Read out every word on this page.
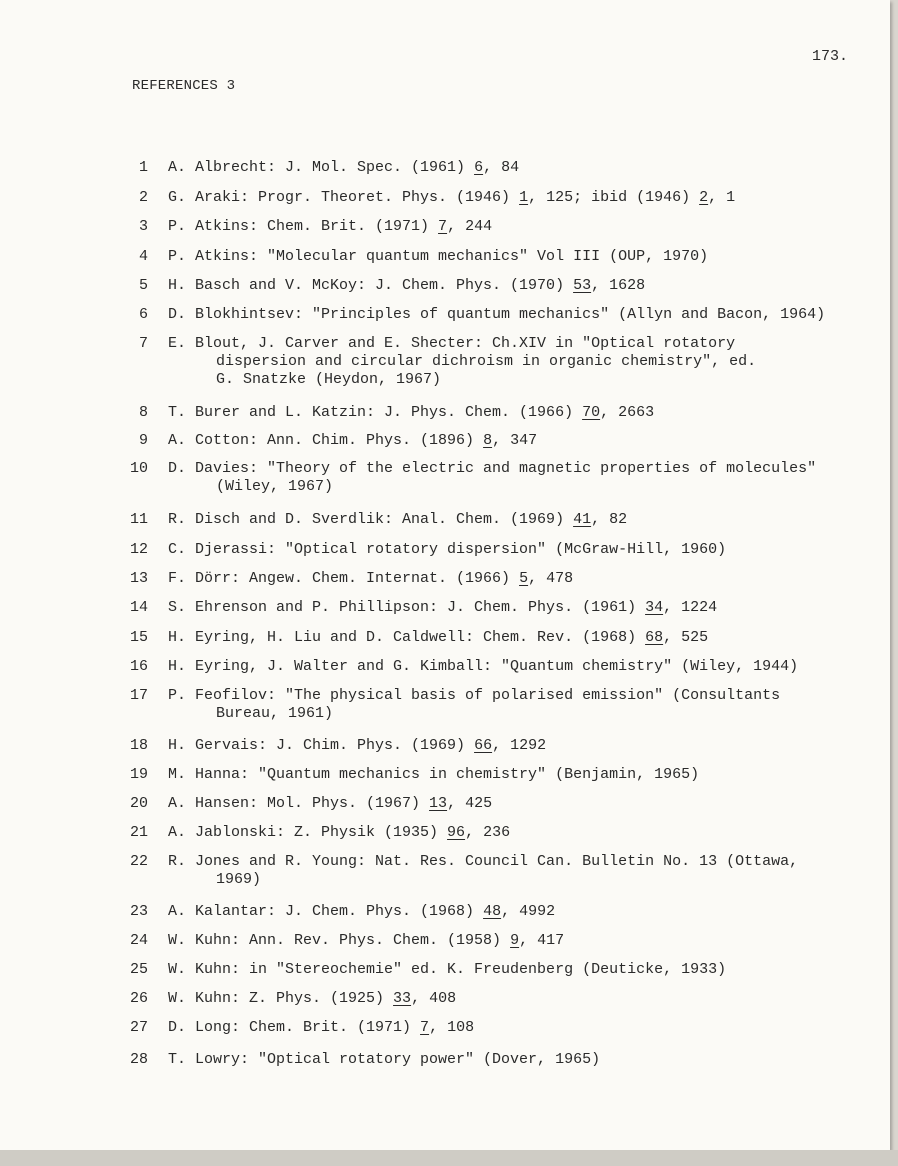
173.
REFERENCES 3
1 A. Albrecht: J. Mol. Spec. (1961) 6, 84
2 G. Araki: Progr. Theoret. Phys. (1946) 1, 125; ibid (1946) 2, 1
3 P. Atkins: Chem. Brit. (1971) 7, 244
4 P. Atkins: "Molecular quantum mechanics" Vol III (OUP, 1970)
5 H. Basch and V. McKoy: J. Chem. Phys. (1970) 53, 1628
6 D. Blokhintsev: "Principles of quantum mechanics" (Allyn and Bacon, 1964)
7 E. Blout, J. Carver and E. Shecter: Ch.XIV in "Optical rotatory
dispersion and circular dichroism in organic chemistry", ed.
G. Snatzke (Heydon, 1967)
8 T. Burer and L. Katzin: J. Phys. Chem. (1966) 70, 2663
9 A. Cotton: Ann. Chim. Phys. (1896) 8, 347
10 D. Davies: "Theory of the electric and magnetic properties of molecules"
(Wiley, 1967)
11 R. Disch and D. Sverdlik: Anal. Chem. (1969) 41, 82
12 C. Djerassi: "Optical rotatory dispersion" (McGraw-Hill, 1960)
13 F. Dörr: Angew. Chem. Internat. (1966) 5, 478
14 S. Ehrenson and P. Phillipson: J. Chem. Phys. (1961) 34, 1224
15 H. Eyring, H. Liu and D. Caldwell: Chem. Rev. (1968) 68, 525
16 H. Eyring, J. Walter and G. Kimball: "Quantum chemistry" (Wiley, 1944)
17 P. Feofilov: "The physical basis of polarised emission" (Consultants
Bureau, 1961)
18 H. Gervais: J. Chim. Phys. (1969) 66, 1292
19 M. Hanna: "Quantum mechanics in chemistry" (Benjamin, 1965)
20 A. Hansen: Mol. Phys. (1967) 13, 425
21 A. Jablonski: Z. Physik (1935) 96, 236
22 R. Jones and R. Young: Nat. Res. Council Can. Bulletin No. 13 (Ottawa,
1969)
23 A. Kalantar: J. Chem. Phys. (1968) 48, 4992
24 W. Kuhn: Ann. Rev. Phys. Chem. (1958) 9, 417
25 W. Kuhn: in "Stereochemie" ed. K. Freudenberg (Deuticke, 1933)
26 W. Kuhn: Z. Phys. (1925) 33, 408
27 D. Long: Chem. Brit. (1971) 7, 108
28 T. Lowry: "Optical rotatory power" (Dover, 1965)
